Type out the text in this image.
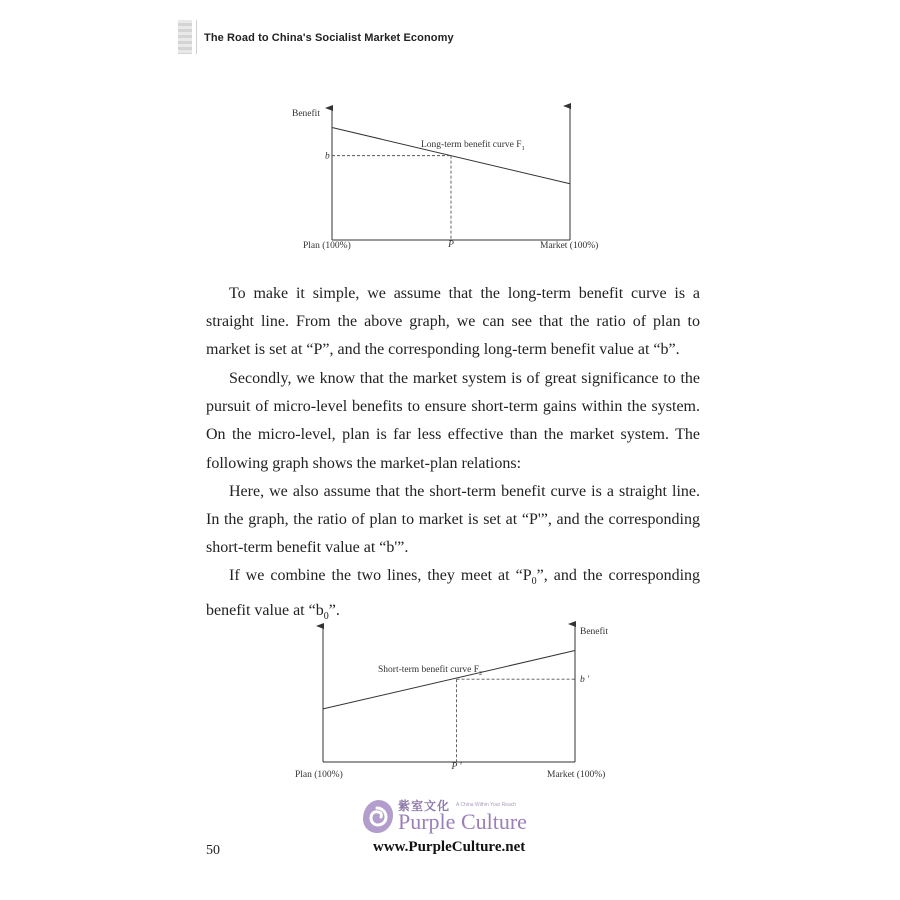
The Road to China's Socialist Market Economy
Benefit
b
P
Long-term benefit curve $F_1$
Plan (100%)	Market (100%)

To make it simple, we assume that the long-term benefit curve is a straight line. From the above graph, we can see that the ratio of plan to market is set at “P”, and the corresponding long-term benefit value at “b”.

Secondly, we know that the market system is of great significance to the pursuit of micro-level benefits to ensure short-term gains within the system. On the micro-level, plan is far less effective than the market system. The following graph shows the market-plan relations:

Here, we also assume that the short-term benefit curve is a straight line. In the graph, the ratio of plan to market is set at “P'”, and the corresponding short-term benefit value at “b'”.

If we combine the two lines, they meet at “$P_0$”, and the corresponding benefit value at “$b_0$”.

Benefit
b '
P '
Short-term benefit curve $F_2$
Plan (100%)	Market (100%)
50
紫室文化 A China Within Your Reach
Purple Culture
www.PurpleCulture.net
